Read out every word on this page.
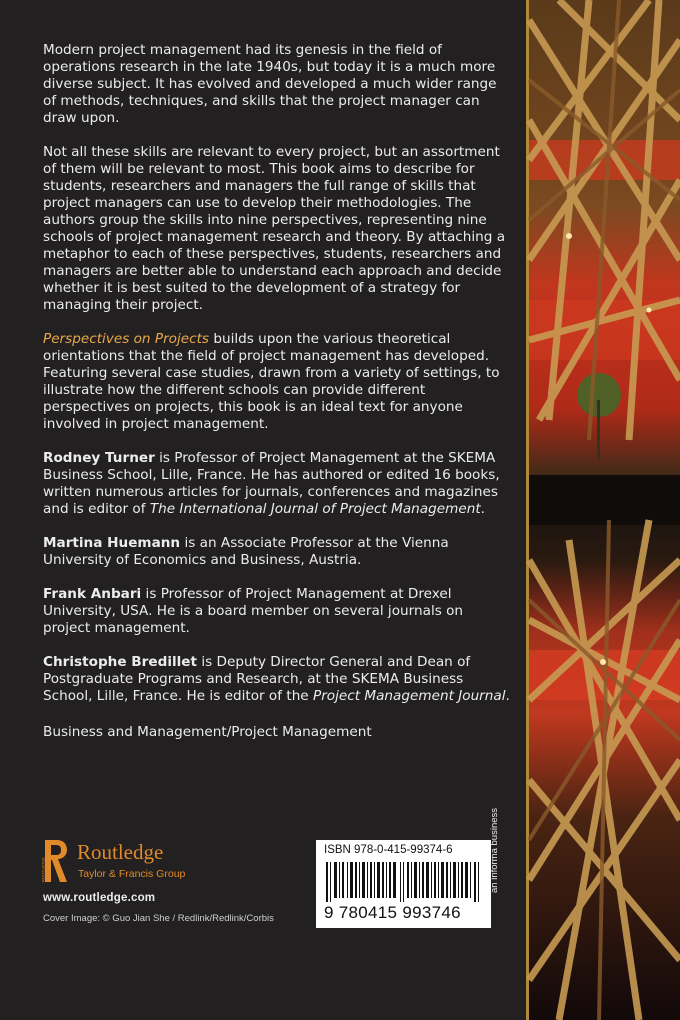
Modern project management had its genesis in the field of operations research in the late 1940s, but today it is a much more diverse subject. It has evolved and developed a much wider range of methods, techniques, and skills that the project manager can draw upon.

Not all these skills are relevant to every project, but an assortment of them will be relevant to most. This book aims to describe for students, researchers and managers the full range of skills that project managers can use to develop their methodologies. The authors group the skills into nine perspectives, representing nine schools of project management research and theory. By attaching a metaphor to each of these perspectives, students, researchers and managers are better able to understand each approach and decide whether it is best suited to the development of a strategy for managing their project.

Perspectives on Projects builds upon the various theoretical orientations that the field of project management has developed. Featuring several case studies, drawn from a variety of settings, to illustrate how the different schools can provide different perspectives on projects, this book is an ideal text for anyone involved in project management.

Rodney Turner is Professor of Project Management at the SKEMA Business School, Lille, France. He has authored or edited 16 books, written numerous articles for journals, conferences and magazines and is editor of The International Journal of Project Management.

Martina Huemann is an Associate Professor at the Vienna University of Economics and Business, Austria.

Frank Anbari is Professor of Project Management at Drexel University, USA. He is a board member on several journals on project management.

Christophe Bredillet is Deputy Director General and Dean of Postgraduate Programs and Research, at the SKEMA Business School, Lille, France. He is editor of the Project Management Journal.

Business and Management/Project Management
ROUTLEDGE
Routledge
Taylor & Francis Group
www.routledge.com
Cover Image: © Guo Jian She / Redlink/Redlink/Corbis
ISBN 978-0-415-99374-6
9 780415 993746
